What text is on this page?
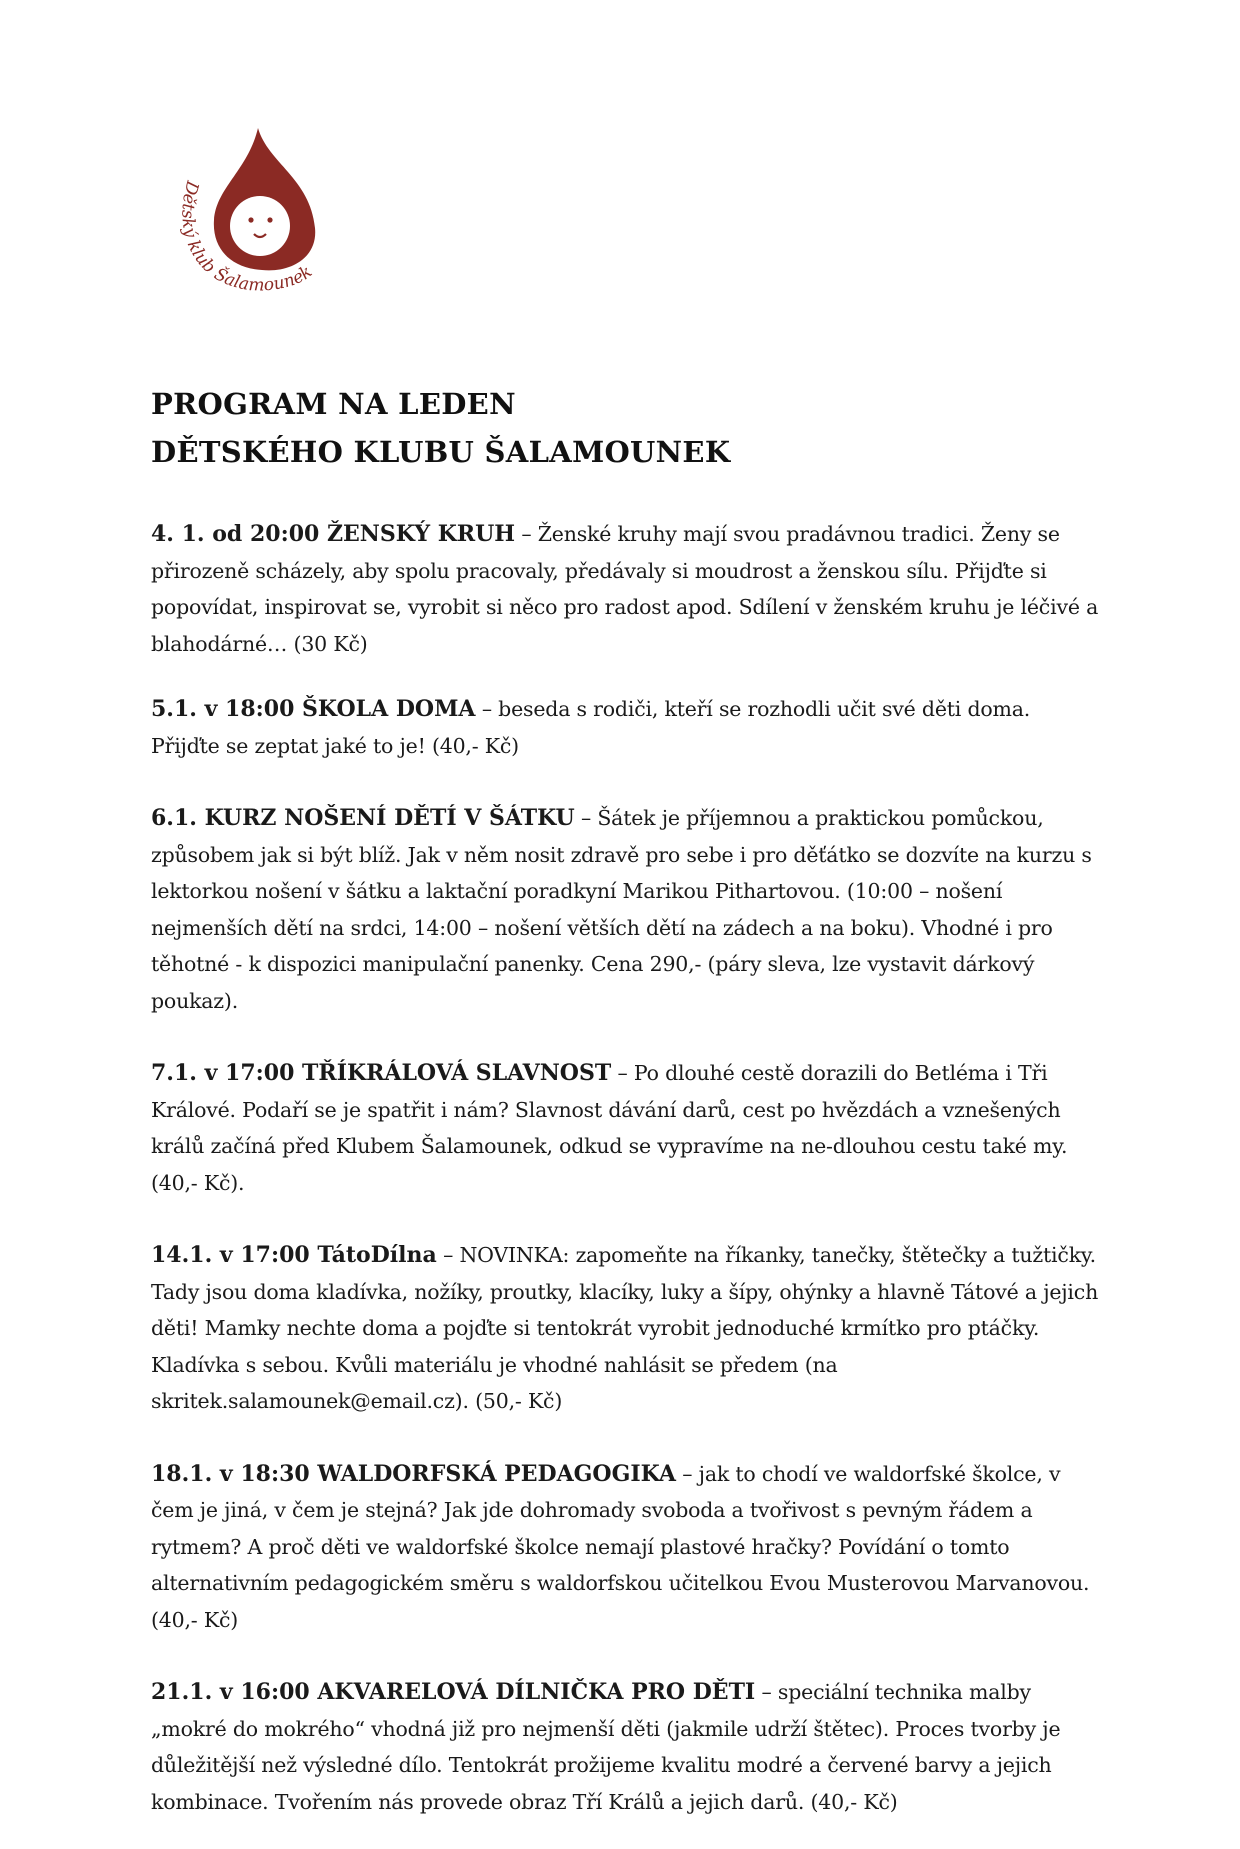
Dětský klub Šalamounek
PROGRAM NA LEDEN
DĚTSKÉHO KLUBU ŠALAMOUNEK

4. 1. od 20:00 ŽENSKÝ KRUH – Ženské kruhy mají svou pradávnou tradici. Ženy se přirozeně scházely, aby spolu pracovaly, předávaly si moudrost a ženskou sílu. Přijďte si popovídat, inspirovat se, vyrobit si něco pro radost apod. Sdílení v ženském kruhu je léčivé a blahodárné… (30 Kč)

5.1. v 18:00 ŠKOLA DOMA – beseda s rodiči, kteří se rozhodli učit své děti doma. Přijďte se zeptat jaké to je! (40,- Kč)

6.1. KURZ NOŠENÍ DĚTÍ V ŠÁTKU – Šátek je příjemnou a praktickou pomůckou, způsobem jak si být blíž. Jak v něm nosit zdravě pro sebe i pro děťátko se dozvíte na kurzu s lektorkou nošení v šátku a laktační poradkyní Marikou Pithartovou. (10:00 – nošení nejmenších dětí na srdci, 14:00 – nošení větších dětí na zádech a na boku). Vhodné i pro těhotné - k dispozici manipulační panenky. Cena 290,- (páry sleva, lze vystavit dárkový poukaz).

7.1. v 17:00 TŘÍKRÁLOVÁ SLAVNOST – Po dlouhé cestě dorazili do Betléma i Tři Králové. Podaří se je spatřit i nám? Slavnost dávání darů, cest po hvězdách a vznešených králů začíná před Klubem Šalamounek, odkud se vypravíme na ne-dlouhou cestu také my. (40,- Kč).

14.1. v 17:00 TátoDílna – NOVINKA: zapomeňte na říkanky, tanečky, štětečky a tužtičky. Tady jsou doma kladívka, nožíky, proutky, klacíky, luky a šípy, ohýnky a hlavně Tátové a jejich děti! Mamky nechte doma a pojďte si tentokrát vyrobit jednoduché krmítko pro ptáčky. Kladívka s sebou. Kvůli materiálu je vhodné nahlásit se předem (na skritek.salamounek@email.cz). (50,- Kč)

18.1. v 18:30 WALDORFSKÁ PEDAGOGIKA – jak to chodí ve waldorfské školce, v čem je jiná, v čem je stejná? Jak jde dohromady svoboda a tvořivost s pevným řádem a rytmem? A proč děti ve waldorfské školce nemají plastové hračky? Povídání o tomto alternativním pedagogickém směru s waldorfskou učitelkou Evou Musterovou Marvanovou. (40,- Kč)

21.1. v 16:00 AKVARELOVÁ DÍLNIČKA PRO DĚTI – speciální technika malby „mokré do mokrého“ vhodná již pro nejmenší děti (jakmile udrží štětec). Proces tvorby je důležitější než výsledné dílo. Tentokrát prožijeme kvalitu modré a červené barvy a jejich kombinace. Tvořením nás provede obraz Tří Králů a jejich darů. (40,- Kč)
